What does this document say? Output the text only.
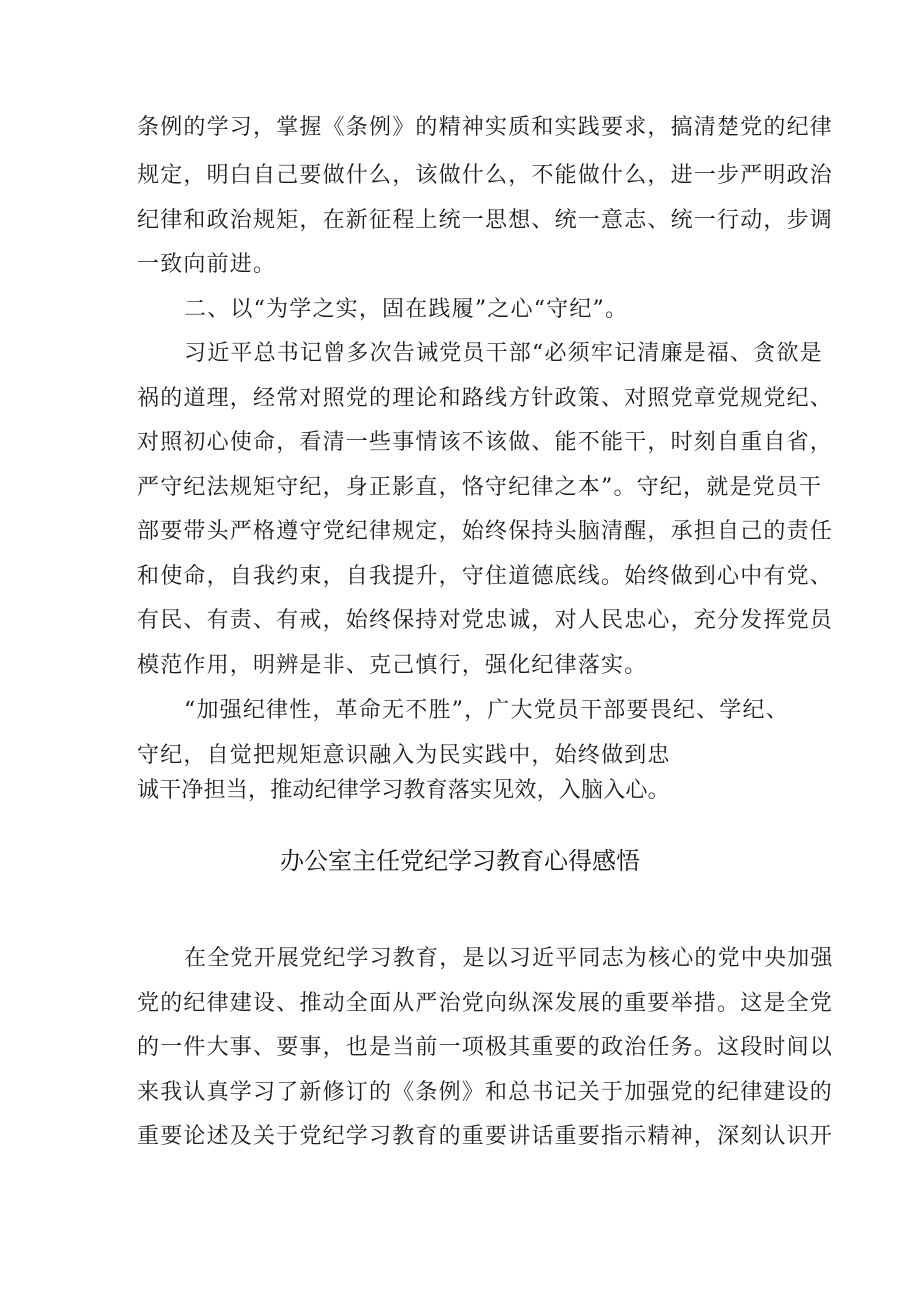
条例的学习，掌握《条例》的精神实质和实践要求，搞清楚党的纪律
规定，明白自己要做什么，该做什么，不能做什么，进一步严明政治
纪律和政治规矩，在新征程上统一思想、统一意志、统一行动，步调
一致向前进。
二、以“为学之实，固在践履”之心“守纪”。
习近平总书记曾多次告诫党员干部“必须牢记清廉是福、贪欲是
祸的道理，经常对照党的理论和路线方针政策、对照党章党规党纪、
对照初心使命，看清一些事情该不该做、能不能干，时刻自重自省，
严守纪法规矩守纪，身正影直，恪守纪律之本”。守纪，就是党员干
部要带头严格遵守党纪律规定，始终保持头脑清醒，承担自己的责任
和使命，自我约束，自我提升，守住道德底线。始终做到心中有党、
有民、有责、有戒，始终保持对党忠诚，对人民忠心，充分发挥党员
模范作用，明辨是非、克己慎行，强化纪律落实。
“加强纪律性，革命无不胜”，广大党员干部要畏纪、学纪、
守纪，自觉把规矩意识融入为民实践中，始终做到忠
诚干净担当，推动纪律学习教育落实见效，入脑入心。
办公室主任党纪学习教育心得感悟
在全党开展党纪学习教育，是以习近平同志为核心的党中央加强
党的纪律建设、推动全面从严治党向纵深发展的重要举措。这是全党
的一件大事、要事，也是当前一项极其重要的政治任务。这段时间以
来我认真学习了新修订的《条例》和总书记关于加强党的纪律建设的
重要论述及关于党纪学习教育的重要讲话重要指示精神，深刻认识开
